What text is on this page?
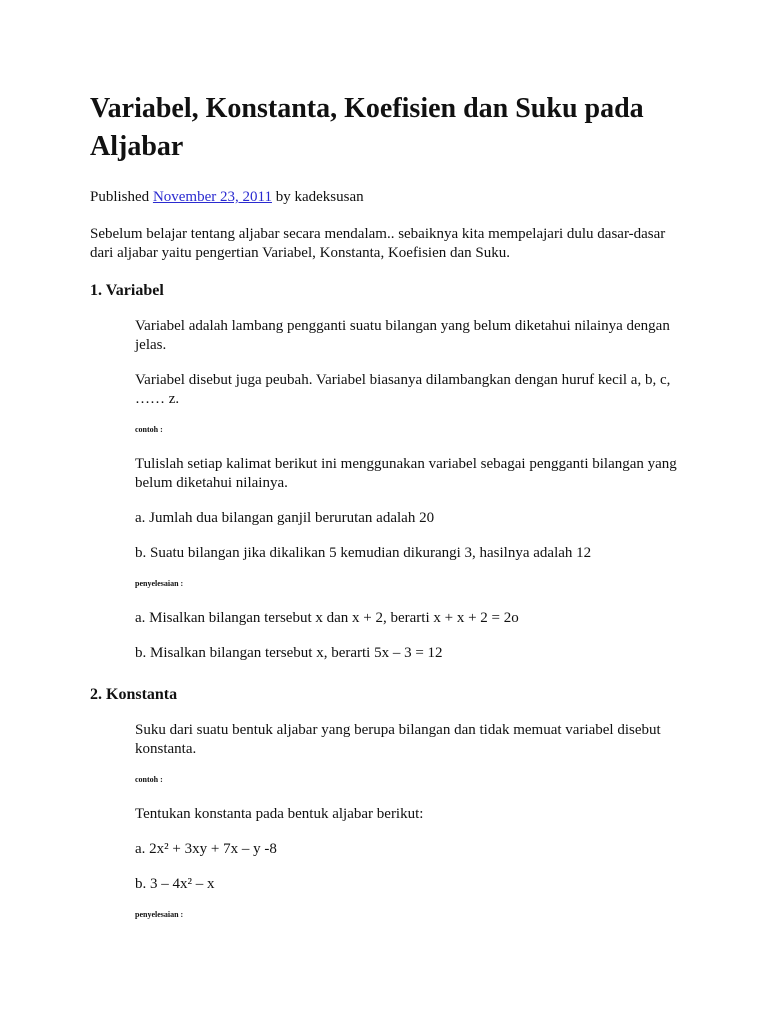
Variabel, Konstanta, Koefisien dan Suku pada Aljabar
Published November 23, 2011 by kadeksusan
Sebelum belajar tentang aljabar secara mendalam.. sebaiknya kita mempelajari dulu dasar-dasar dari aljabar yaitu pengertian Variabel, Konstanta, Koefisien dan Suku.
1. Variabel
Variabel adalah lambang pengganti suatu bilangan yang belum diketahui nilainya dengan jelas.
Variabel disebut juga peubah. Variabel biasanya dilambangkan dengan huruf kecil a, b, c, …… z.
contoh :
Tulislah setiap kalimat berikut ini menggunakan variabel sebagai pengganti bilangan yang belum diketahui nilainya.
a. Jumlah dua bilangan ganjil berurutan adalah 20
b. Suatu bilangan jika dikalikan 5 kemudian dikurangi 3, hasilnya adalah 12
penyelesaian :
a. Misalkan bilangan tersebut x dan x + 2, berarti x + x + 2 = 2o
b. Misalkan bilangan tersebut x, berarti 5x – 3 = 12
2. Konstanta
Suku dari suatu bentuk aljabar yang berupa bilangan dan tidak memuat variabel disebut konstanta.
contoh :
Tentukan konstanta pada bentuk aljabar berikut:
a. 2x² + 3xy + 7x – y -8
b. 3 – 4x² – x
penyelesaian :
